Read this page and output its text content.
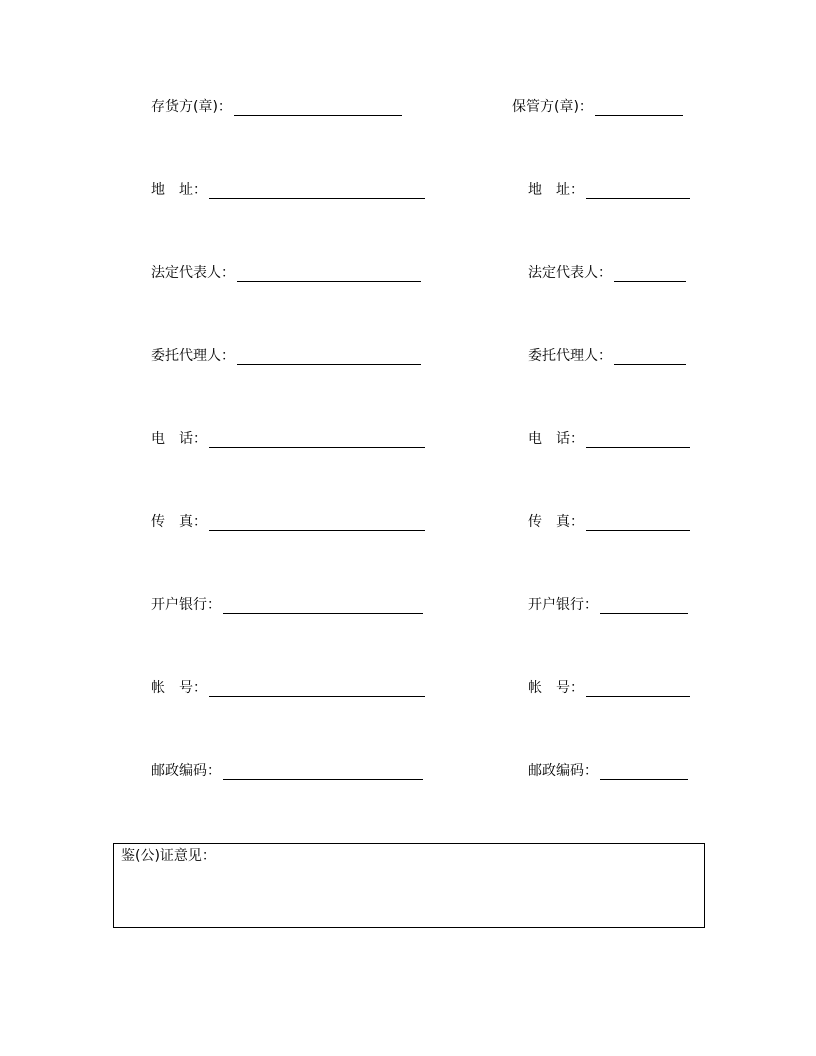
存货方(章)：	保管方(章)：
地　址：	地　址：
法定代表人：	法定代表人：
委托代理人：	委托代理人：
电　话：	电　话：
传　真：	传　真：
开户银行：	开户银行：
帐　号：	帐　号：
邮政编码：	邮政编码：
鉴(公)证意见：
